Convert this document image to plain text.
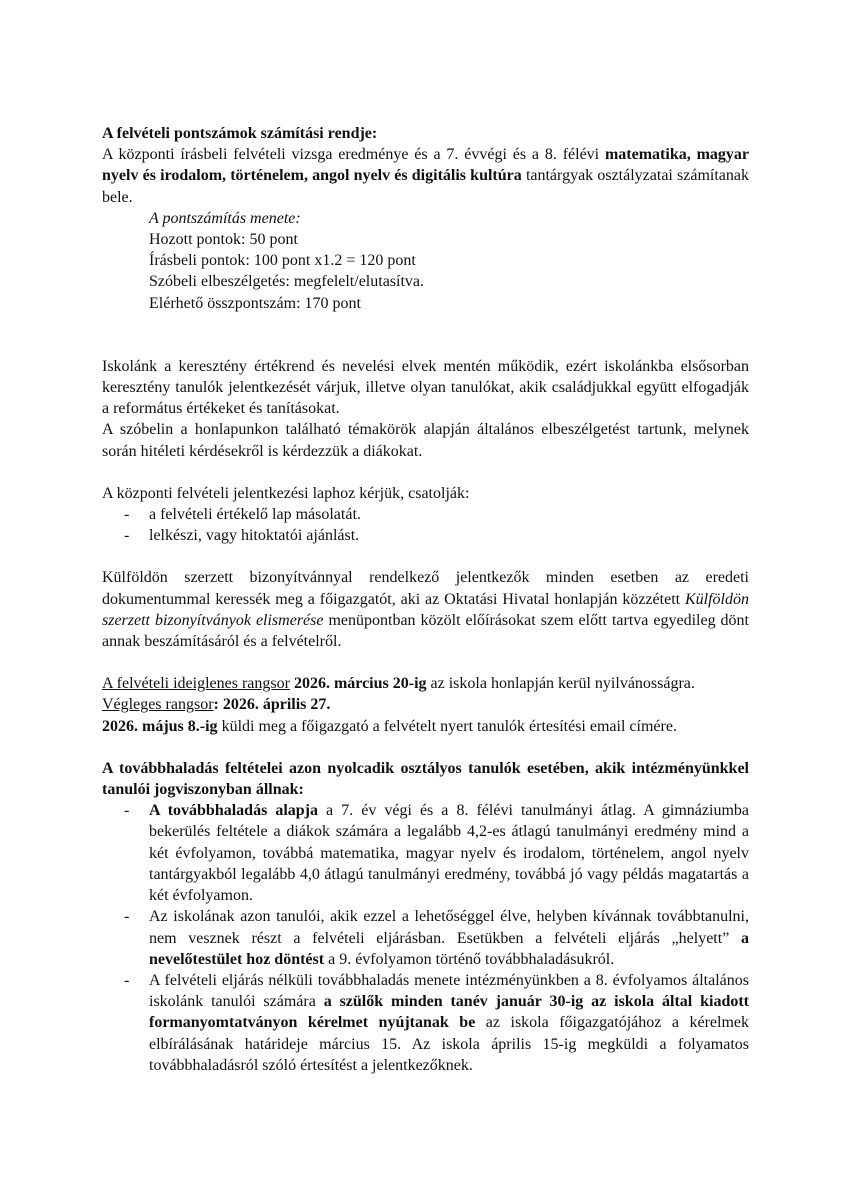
A felvételi pontszámok számítási rendje:

A központi írásbeli felvételi vizsga eredménye és a 7. évvégi és a 8. félévi matematika, magyar nyelv és irodalom, történelem, angol nyelv és digitális kultúra tantárgyak osztályzatai számítanak bele.

A pontszámítás menete:

Hozott pontok: 50 pont

Írásbeli pontok: 100 pont x1.2 = 120 pont

Szóbeli elbeszélgetés: megfelelt/elutasítva.

Elérhető összpontszám: 170 pont

Iskolánk a keresztény értékrend és nevelési elvek mentén működik, ezért iskolánkba elsősorban keresztény tanulók jelentkezését várjuk, illetve olyan tanulókat, akik családjukkal együtt elfogadják a református értékeket és tanításokat.

A szóbelin a honlapunkon található témakörök alapján általános elbeszélgetést tartunk, melynek során hitéleti kérdésekről is kérdezzük a diákokat.

A központi felvételi jelentkezési laphoz kérjük, csatolják:

- a felvételi értékelő lap másolatát.
- lelkészi, vagy hitoktatói ajánlást.

Külföldön szerzett bizonyítvánnyal rendelkező jelentkezők minden esetben az eredeti dokumentummal keressék meg a főigazgatót, aki az Oktatási Hivatal honlapján közzétett Külföldön szerzett bizonyítványok elismerése menüpontban közölt előírásokat szem előtt tartva egyedileg dönt annak beszámításáról és a felvételről.

A felvételi ideiglenes rangsor 2026. március 20-ig az iskola honlapján kerül nyilvánosságra.

Végleges rangsor: 2026. április 27.

2026. május 8.-ig küldi meg a főigazgató a felvételt nyert tanulók értesítési email címére.

A továbbhaladás feltételei azon nyolcadik osztályos tanulók esetében, akik intézményünkkel tanulói jogviszonyban állnak:

- A továbbhaladás alapja a 7. év végi és a 8. félévi tanulmányi átlag. A gimnáziumba bekerülés feltétele a diákok számára a legalább 4,2-es átlagú tanulmányi eredmény mind a két évfolyamon, továbbá matematika, magyar nyelv és irodalom, történelem, angol nyelv tantárgyakból legalább 4,0 átlagú tanulmányi eredmény, továbbá jó vagy példás magatartás a két évfolyamon.
- Az iskolának azon tanulói, akik ezzel a lehetőséggel élve, helyben kívánnak továbbtanulni, nem vesznek részt a felvételi eljárásban. Esetükben a felvételi eljárás „helyett” a nevelőtestület hoz döntést a 9. évfolyamon történő továbbhaladásukról.
- A felvételi eljárás nélküli továbbhaladás menete intézményünkben a 8. évfolyamos általános iskolánk tanulói számára a szülők minden tanév január 30-ig az iskola által kiadott formanyomtatványon kérelmet nyújtanak be az iskola főigazgatójához a kérelmek elbírálásának határideje március 15. Az iskola április 15-ig megküldi a folyamatos továbbhaladásról szóló értesítést a jelentkezőknek.
